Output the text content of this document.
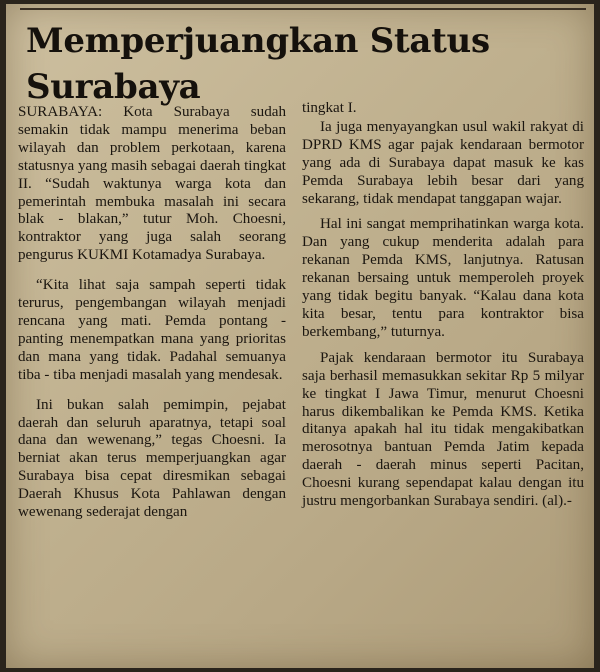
Memperjuangkan Status Surabaya

SURABAYA: Kota Surabaya sudah semakin tidak mampu menerima beban wilayah dan problem perkotaan, karena statusnya yang masih sebagai daerah tingkat II. “Sudah waktunya warga kota dan pemerintah membuka masalah ini secara blak - blakan,” tutur Moh. Choesni, kontraktor yang juga salah seorang pengurus KUKMI Kotamadya Surabaya.

“Kita lihat saja sampah seperti tidak terurus, pengembangan wilayah menjadi rencana yang mati. Pemda pontang - panting menempatkan mana yang prioritas dan mana yang tidak. Padahal semuanya tiba - tiba menjadi masalah yang mendesak.

Ini bukan salah pemimpin, pejabat daerah dan seluruh aparatnya, tetapi soal dana dan wewenang,” tegas Choesni. Ia berniat akan terus memperjuangkan agar Surabaya bisa cepat diresmikan sebagai Daerah Khusus Kota Pahlawan dengan wewenang sederajat dengan

tingkat I.

Ia juga menyayangkan usul wakil rakyat di DPRD KMS agar pajak kendaraan bermotor yang ada di Surabaya dapat masuk ke kas Pemda Surabaya lebih besar dari yang sekarang, tidak mendapat tanggapan wajar.

Hal ini sangat memprihatinkan warga kota. Dan yang cukup menderita adalah para rekanan Pemda KMS, lanjutnya. Ratusan rekanan bersaing untuk memperoleh proyek yang tidak begitu banyak. “Kalau dana kota kita besar, tentu para kontraktor bisa berkembang,” tuturnya.

Pajak kendaraan bermotor itu Surabaya saja berhasil memasukkan sekitar Rp 5 milyar ke tingkat I Jawa Timur, menurut Choesni harus dikembalikan ke Pemda KMS. Ketika ditanya apakah hal itu tidak mengakibatkan merosotnya bantuan Pemda Jatim kepada daerah - daerah minus seperti Pacitan, Choesni kurang sependapat kalau dengan itu justru mengorbankan Surabaya sendiri. (al).-
